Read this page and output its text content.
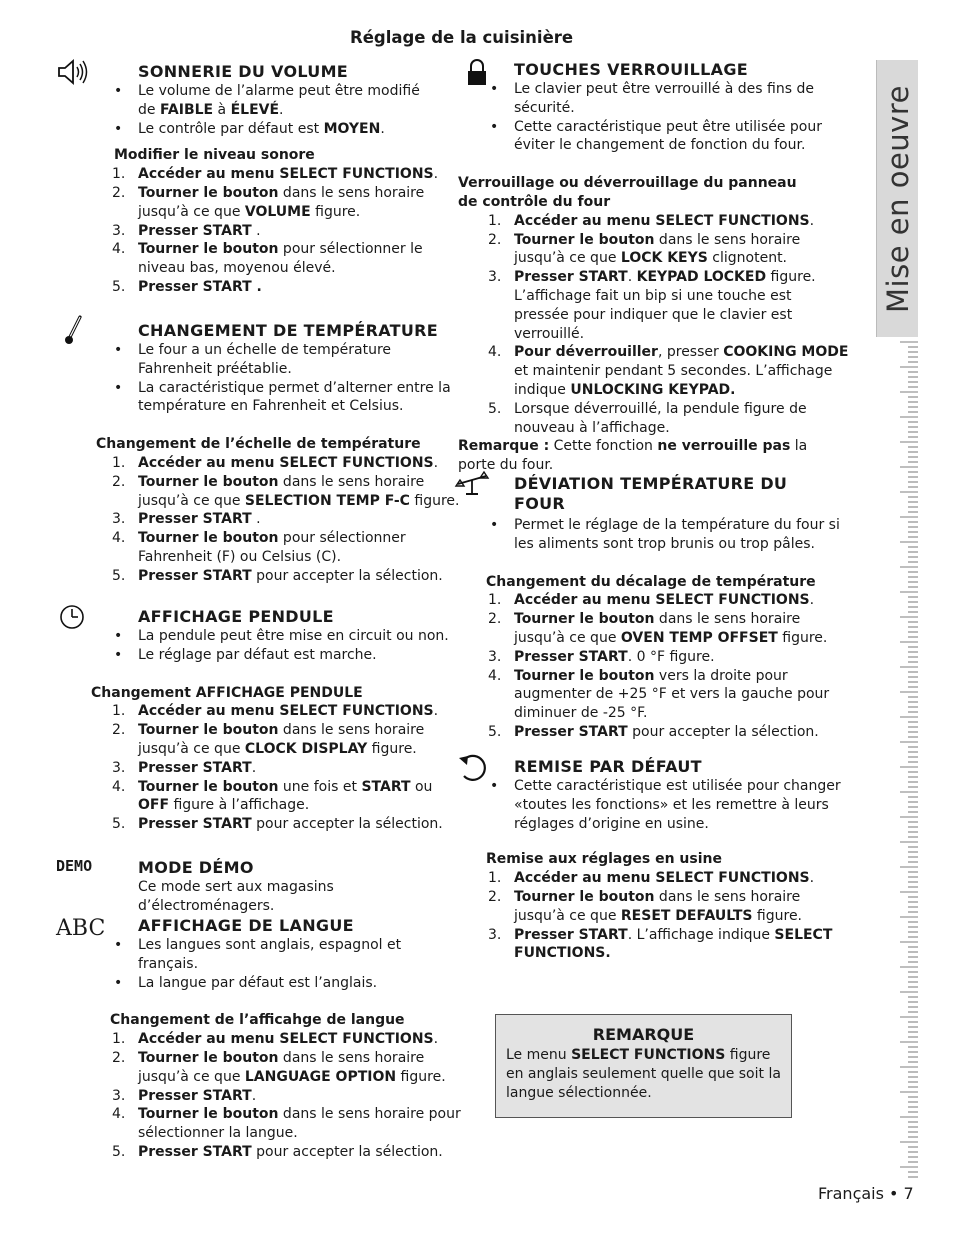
Réglage de la cuisinière
Mise en oeuvre
DEMO
ABC

SONNERIE DU VOLUME

• Le volume de l’alarme peut être modifié
de FAIBLE à ÉLEVÉ.

• Le contrôle par défaut est MOYEN.

Modifier le niveau sonore

1. Accéder au menu SELECT FUNCTIONS.

2. Tourner le bouton dans le sens horaire jusqu’à ce que VOLUME figure.

3. Presser START .

4. Tourner le bouton pour sélectionner le niveau bas, moyenou élevé.

5. Presser START .

CHANGEMENT DE TEMPÉRATURE

• Le four a un échelle de température Fahrenheit préétablie.

• La caractéristique permet d’alterner entre la température en Fahrenheit et Celsius.

Changement de l’échelle de température

1. Accéder au menu SELECT FUNCTIONS.

2. Tourner le bouton dans le sens horaire jusqu’à ce que SELECTION TEMP F-C figure.

3. Presser START .

4. Tourner le bouton pour sélectionner Fahrenheit (F) ou Celsius (C).

5. Presser START pour accepter la sélection.

AFFICHAGE PENDULE

• La pendule peut être mise en circuit ou non.

• Le réglage par défaut est marche.

Changement AFFICHAGE PENDULE

1. Accéder au menu SELECT FUNCTIONS.

2. Tourner le bouton dans le sens horaire jusqu’à ce que CLOCK DISPLAY figure.

3. Presser START.

4. Tourner le bouton une fois et START ou OFF figure à l’affichage.

5. Presser START pour accepter la sélection.

MODE DÉMO

Ce mode sert aux magasins d’électroménagers.

AFFICHAGE DE LANGUE

• Les langues sont anglais, espagnol et français.

• La langue par défaut est l’anglais.

Changement de l’afficahge de langue

1. Accéder au menu SELECT FUNCTIONS.

2. Tourner le bouton dans le sens horaire jusqu’à ce que LANGUAGE OPTION figure.

3. Presser START.

4. Tourner le bouton dans le sens horaire pour sélectionner la langue.

5. Presser START pour accepter la sélection.

TOUCHES VERROUILLAGE

• Le clavier peut être verrouillé à des fins de sécurité.

• Cette caractéristique peut être utilisée pour éviter le changement de fonction du four.

Verrouillage ou déverrouillage du panneau de contrôle du four

1. Accéder au menu SELECT FUNCTIONS.

2. Tourner le bouton dans le sens horaire jusqu’à ce que LOCK KEYS clignotent.

3. Presser START. KEYPAD LOCKED figure. L’affichage fait un bip si une touche est pressée pour indiquer que le clavier est verrouillé.

4. Pour déverrouiller, presser COOKING MODE et maintenir pendant 5 secondes. L’affichage indique UNLOCKING KEYPAD.

5. Lorsque déverrouillé, la pendule figure de nouveau à l’affichage.

Remarque : Cette fonction ne verrouille pas la porte du four.

DÉVIATION TEMPÉRATURE DU FOUR

• Permet le réglage de la température du four si les aliments sont trop brunis ou trop pâles.

Changement du décalage de température

1. Accéder au menu SELECT FUNCTIONS.

2. Tourner le bouton dans le sens horaire jusqu’à ce que OVEN TEMP OFFSET figure.

3. Presser START. 0 °F figure.

4. Tourner le bouton vers la droite pour augmenter de +25 °F et vers la gauche pour diminuer de -25 °F.

5. Presser START pour accepter la sélection.

REMISE PAR DÉFAUT

• Cette caractéristique est utilisée pour changer «toutes les fonctions» et les remettre à leurs réglages d’origine en usine.

Remise aux réglages en usine

1. Accéder au menu SELECT FUNCTIONS.

2. Tourner le bouton dans le sens horaire jusqu’à ce que RESET DEFAULTS figure.

3. Presser START. L’affichage indique SELECT FUNCTIONS.

REMARQUE
Le menu SELECT FUNCTIONS figure en anglais seulement quelle que soit la langue sélectionnée.
Français • 7
